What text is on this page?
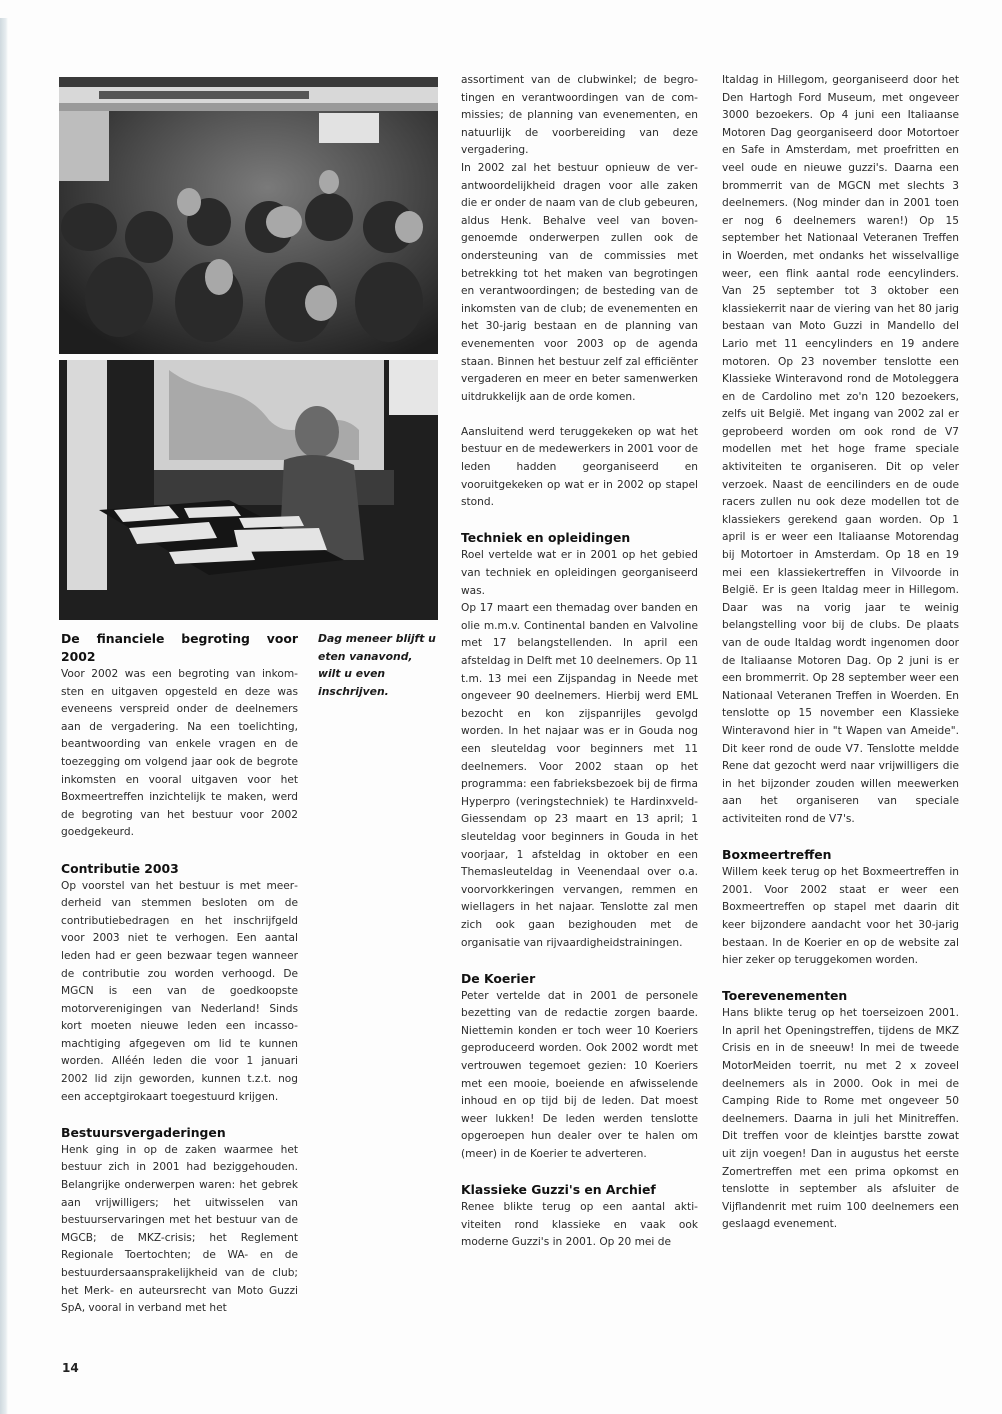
Dag meneer blijft u eten vanavond, wilt u even inschrijven.
De financiele begroting voor 2002

Voor 2002 was een begroting van inkomsten en uitgaven opgesteld en deze was eveneens verspreid onder de deelnemers aan de vergadering. Na een toelichting, beantwoording van enkele vragen en de toezegging om volgend jaar ook de begrote inkomsten en vooral uitgaven voor het Boxmeertreffen inzichtelijk te maken, werd de begroting van het bestuur voor 2002 goedgekeurd.

Contributie 2003

Op voorstel van het bestuur is met meerderheid van stemmen besloten om de contributiebedragen en het inschrijfgeld voor 2003 niet te verhogen. Een aantal leden had er geen bezwaar tegen wanneer de contributie zou worden verhoogd. De MGCN is een van de goedkoopste motorverenigingen van Nederland! Sinds kort moeten nieuwe leden een incasso-machtiging afgegeven om lid te kunnen worden. Alléén leden die voor 1 januari 2002 lid zijn geworden, kunnen t.z.t. nog een acceptgirokaart toegestuurd krijgen.

Bestuursvergaderingen

Henk ging in op de zaken waarmee het bestuur zich in 2001 had beziggehouden. Belangrijke onderwerpen waren: het gebrek aan vrijwilligers; het uitwisselen van bestuurservaringen met het bestuur van de MGCB; de MKZ-crisis; het Reglement Regionale Toertochten; de WA- en de bestuurdersaansprakelijkheid van de club; het Merk- en auteursrecht van Moto Guzzi SpA, vooral in verband met het

assortiment van de clubwinkel; de begrotingen en verantwoordingen van de commissies; de planning van evenementen, en natuurlijk de voorbereiding van deze vergadering.

In 2002 zal het bestuur opnieuw de verantwoordelijkheid dragen voor alle zaken die er onder de naam van de club gebeuren, aldus Henk. Behalve veel van bovengenoemde onderwerpen zullen ook de ondersteuning van de commissies met betrekking tot het maken van begrotingen en verantwoordingen; de besteding van de inkomsten van de club; de evenementen en het 30-jarig bestaan en de planning van evenementen voor 2003 op de agenda staan. Binnen het bestuur zelf zal efficiënter vergaderen en meer en beter samenwerken uitdrukkelijk aan de orde komen.

Aansluitend werd teruggekeken op wat het bestuur en de medewerkers in 2001 voor de leden hadden georganiseerd en vooruitgekeken op wat er in 2002 op stapel stond.

Techniek en opleidingen

Roel vertelde wat er in 2001 op het gebied van techniek en opleidingen georganiseerd was.

Op 17 maart een themadag over banden en olie m.m.v. Continental banden en Valvoline met 17 belangstellenden. In april een afsteldag in Delft met 10 deelnemers. Op 11 t.m. 13 mei een Zijspandag in Neede met ongeveer 90 deelnemers. Hierbij werd EML bezocht en kon zijspanrijles gevolgd worden. In het najaar was er in Gouda nog een sleuteldag voor beginners met 11 deelnemers. Voor 2002 staan op het programma: een fabrieksbezoek bij de firma Hyperpro (veringstechniek) te Hardinxveld-Giessendam op 23 maart en 13 april; 1 sleuteldag voor beginners in Gouda in het voorjaar, 1 afsteldag in oktober en een Themasleuteldag in Veenendaal over o.a. voorvorkkeringen vervangen, remmen en wiellagers in het najaar. Tenslotte zal men zich ook gaan bezighouden met de organisatie van rijvaardigheidstrainingen.

De Koerier

Peter vertelde dat in 2001 de personele bezetting van de redactie zorgen baarde. Niettemin konden er toch weer 10 Koeriers geproduceerd worden. Ook 2002 wordt met vertrouwen tegemoet gezien: 10 Koeriers met een mooie, boeiende en afwisselende inhoud en op tijd bij de leden. Dat moest weer lukken! De leden werden tenslotte opgeroepen hun dealer over te halen om (meer) in de Koerier te adverteren.

Klassieke Guzzi's en Archief

Renee blikte terug op een aantal aktiviteiten rond klassieke en vaak ook moderne Guzzi's in 2001. Op 20 mei de

Italdag in Hillegom, georganiseerd door het Den Hartogh Ford Museum, met ongeveer 3000 bezoekers. Op 4 juni een Italiaanse Motoren Dag georganiseerd door Motortoer en Safe in Amsterdam, met proefritten en veel oude en nieuwe guzzi's. Daarna een brommerrit van de MGCN met slechts 3 deelnemers. (Nog minder dan in 2001 toen er nog 6 deelnemers waren!) Op 15 september het Nationaal Veteranen Treffen in Woerden, met ondanks het wisselvallige weer, een flink aantal rode eencylinders. Van 25 september tot 3 oktober een klassiekerrit naar de viering van het 80 jarig bestaan van Moto Guzzi in Mandello del Lario met 11 eencylinders en 19 andere motoren. Op 23 november tenslotte een Klassieke Winteravond rond de Motoleggera en de Cardolino met zo'n 120 bezoekers, zelfs uit België. Met ingang van 2002 zal er geprobeerd worden om ook rond de V7 modellen met het hoge frame speciale aktiviteiten te organiseren. Dit op veler verzoek. Naast de eencilinders en de oude racers zullen nu ook deze modellen tot de klassiekers gerekend gaan worden. Op 1 april is er weer een Italiaanse Motorendag bij Motortoer in Amsterdam. Op 18 en 19 mei een klassiekertreffen in Vilvoorde in België. Er is geen Italdag meer in Hillegom. Daar was na vorig jaar te weinig belangstelling voor bij de clubs. De plaats van de oude Italdag wordt ingenomen door de Italiaanse Motoren Dag. Op 2 juni is er een brommerrit. Op 28 september weer een Nationaal Veteranen Treffen in Woerden. En tenslotte op 15 november een Klassieke Winteravond hier in "t Wapen van Ameide". Dit keer rond de oude V7. Tenslotte meldde Rene dat gezocht werd naar vrijwilligers die in het bijzonder zouden willen meewerken aan het organiseren van speciale activiteiten rond de V7's.

Boxmeertreffen

Willem keek terug op het Boxmeertreffen in 2001. Voor 2002 staat er weer een Boxmeertreffen op stapel met daarin dit keer bijzondere aandacht voor het 30-jarig bestaan. In de Koerier en op de website zal hier zeker op teruggekomen worden.

Toerevenementen

Hans blikte terug op het toerseizoen 2001. In april het Openingstreffen, tijdens de MKZ Crisis en in de sneeuw! In mei de tweede MotorMeiden toerrit, nu met 2 x zoveel deelnemers als in 2000. Ook in mei de Camping Ride to Rome met ongeveer 50 deelnemers. Daarna in juli het Minitreffen. Dit treffen voor de kleintjes barstte zowat uit zijn voegen! Dan in augustus het eerste Zomertreffen met een prima opkomst en tenslotte in september als afsluiter de Vijflandenrit met ruim 100 deelnemers een geslaagd evenement.

14
